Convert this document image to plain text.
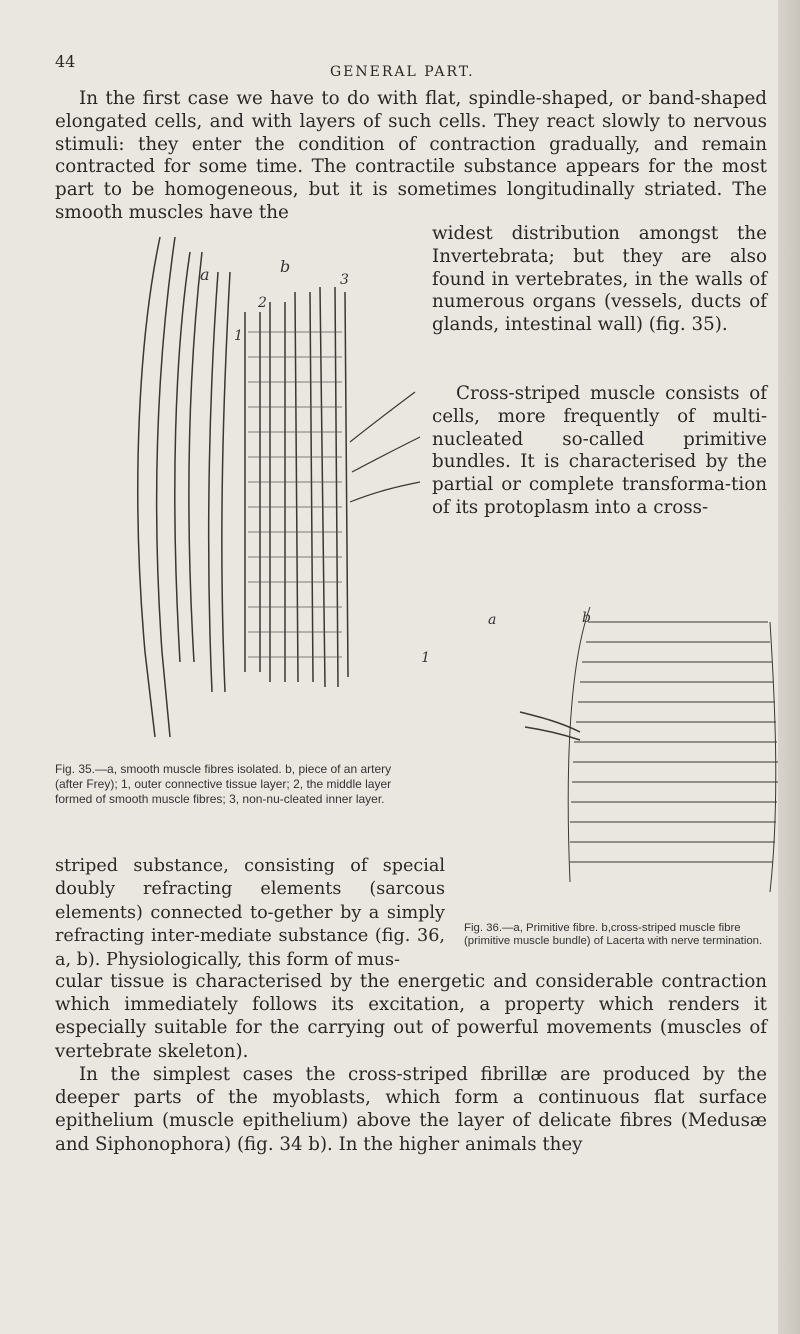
44
GENERAL PART.

In the first case we have to do with flat, spindle-shaped, or band-shaped elongated cells, and with layers of such cells. They react slowly to nervous stimuli: they enter the condition of contraction gradually, and remain contracted for some time. The contractile substance appears for the most part to be homogeneous, but it is sometimes longitudinally striated. The smooth muscles have the

widest distribution amongst the Invertebrata; but they are also found in vertebrates, in the walls of numerous organs (vessels, ducts of glands, intestinal wall) (fig. 35).

Cross-striped muscle consists of cells, more frequently of multi-nucleated so-called primitive bundles. It is characterised by the partial or complete transforma-tion of its protoplasm into a cross-

a	b
2
3
1
1

Fig. 35.—a, smooth muscle fibres isolated. b, piece of an artery (after Frey); 1, outer connective tissue layer; 2, the middle layer formed of smooth muscle fibres; 3, non-nu-cleated inner layer.

a	b

Fig. 36.—a, Primitive fibre. b,cross-striped muscle fibre (primitive muscle bundle) of Lacerta with nerve termination.

striped substance, consisting of special doubly refracting elements (sarcous elements) connected to-gether by a simply refracting inter-mediate substance (fig. 36, a, b). Physiologically, this form of mus-

cular tissue is characterised by the energetic and considerable contraction which immediately follows its excitation, a property which renders it especially suitable for the carrying out of powerful movements (muscles of vertebrate skeleton).

In the simplest cases the cross-striped fibrillæ are produced by the deeper parts of the myoblasts, which form a continuous flat surface epithelium (muscle epithelium) above the layer of delicate fibres (Medusæ and Siphonophora) (fig. 34 b). In the higher animals they
